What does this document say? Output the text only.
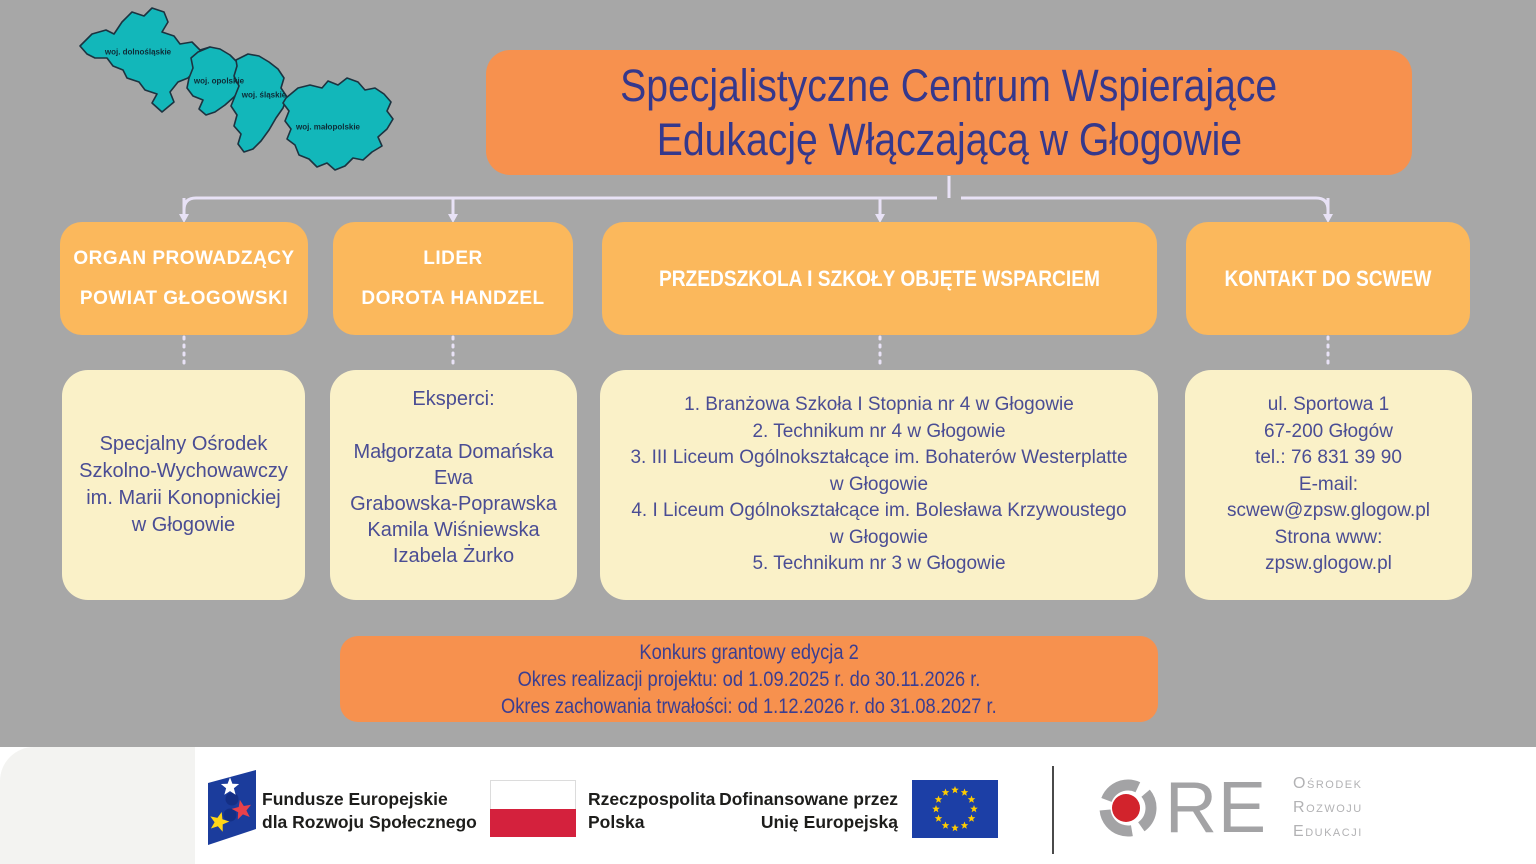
woj. dolnośląskie
woj. opolskie
woj. śląskie
woj. małopolskie
Specjalistyczne Centrum Wspierające
Edukację Włączającą w Głogowie
ORGAN PROWADZĄCY
POWIAT GŁOGOWSKI
LIDER
DOROTA HANDZEL
PRZEDSZKOLA I SZKOŁY OBJĘTE WSPARCIEM	KONTAKT DO SCWEW
Specjalny Ośrodek
Szkolno-Wychowawczy
im. Marii Konopnickiej
w Głogowie
Eksperci:
Małgorzata Domańska
Ewa
Grabowska-Poprawska
Kamila Wiśniewska
Izabela Żurko
1. Branżowa Szkoła I Stopnia nr 4 w Głogowie
2. Technikum nr 4 w Głogowie
3. III Liceum Ogólnokształcące im. Bohaterów Westerplatte
w Głogowie
4. I Liceum Ogólnokształcące im. Bolesława Krzywoustego
w Głogowie
5. Technikum nr 3 w Głogowie
ul. Sportowa 1
67-200 Głogów
tel.: 76 831 39 90
E-mail:
scwew@zpsw.glogow.pl
Strona www:
zpsw.glogow.pl
Konkurs grantowy edycja 2
Okres realizacji projektu: od 1.09.2025 r. do 30.11.2026 r.
Okres zachowania trwałości: od 1.12.2026 r. do 31.08.2027 r.
Fundusze Europejskie
dla Rozwoju Społecznego
Rzeczpospolita
Polska
Dofinansowane przez
Unię Europejską	RE Ośrodek
Rozwoju
Edukacji
